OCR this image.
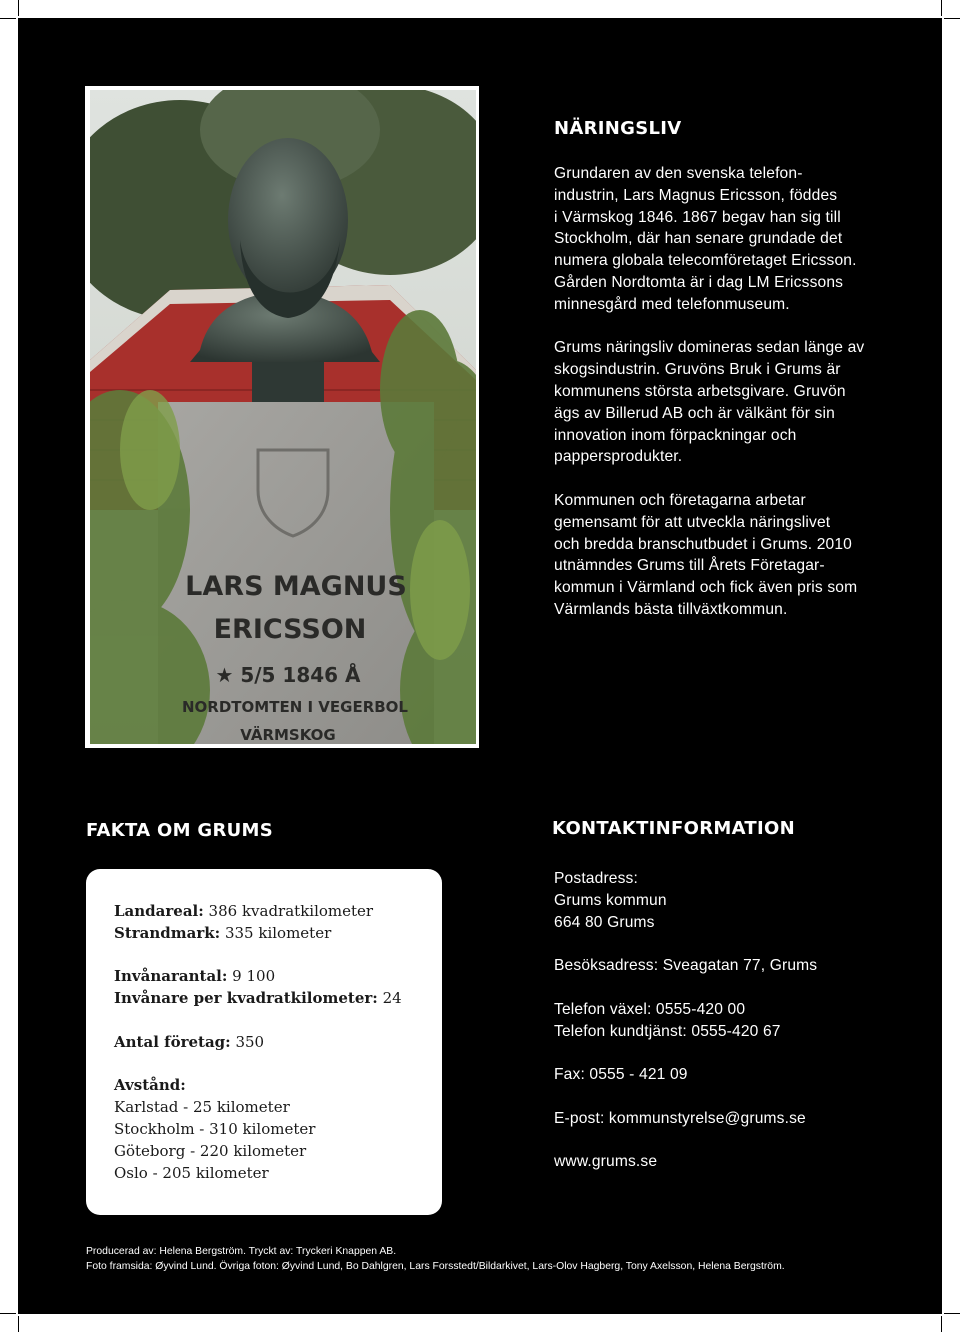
LARS MAGNUS
ERICSSON
★ 5/5 1846 Å
NORDTOMTEN I VEGERBOL
VÄRMSKOG
NÄRINGSLIV

Grundaren av den svenska telefon-
industrin, Lars Magnus Ericsson, föddes
i Värmskog 1846. 1867 begav han sig till
Stockholm, där han senare grundade det
numera globala telecomföretaget Ericsson.
Gården Nordtomta är i dag LM Ericssons
minnesgård med telefonmuseum.

Grums näringsliv domineras sedan länge av
skogsindustrin. Gruvöns Bruk i Grums är
kommunens största arbetsgivare. Gruvön
ägs av Billerud AB och är välkänt för sin
innovation inom förpackningar och
pappersprodukter.

Kommunen och företagarna arbetar
gemensamt för att utveckla näringslivet
och bredda branschutbudet i Grums. 2010
utnämndes Grums till Årets Företagar-
kommun i Värmland och fick även pris som
Värmlands bästa tillväxtkommun.

FAKTA OM GRUMS
Landareal: 386 kvadratkilometer
Strandmark: 335 kilometer
Invånarantal: 9 100
Invånare per kvadratkilometer: 24
Antal företag: 350
Avstånd:
Karlstad - 25 kilometer
Stockholm - 310 kilometer
Göteborg - 220 kilometer
Oslo - 205 kilometer
KONTAKTINFORMATION
Postadress:
Grums kommun
664 80 Grums
Besöksadress: Sveagatan 77, Grums
Telefon växel: 0555-420 00
Telefon kundtjänst: 0555-420 67
Fax: 0555 - 421 09
E-post: kommunstyrelse@grums.se
www.grums.se
Producerad av: Helena Bergström. Tryckt av: Tryckeri Knappen AB.
Foto framsida: Øyvind Lund. Övriga foton: Øyvind Lund, Bo Dahlgren, Lars Forsstedt/Bildarkivet, Lars-Olov Hagberg, Tony Axelsson, Helena Bergström.
